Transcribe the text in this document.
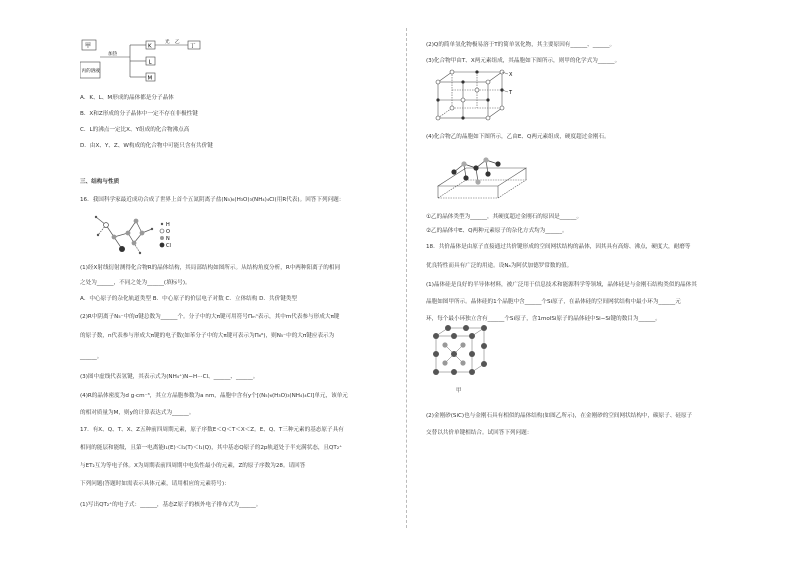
甲
丙的溶液
加热
K
L
M
光 乙
丁
A．K、L、M形成的晶体都是分子晶体
B．X和Z形成的分子晶体中一定不存在非极性键
C．L的沸点一定比X、Y组成的化合物沸点高
D．由X、Y、Z、W构成的化合物中可能只含有共价键
三、结构与性质
16．我国科学家最近成功合成了世界上首个五氮阴离子盐(N₅)₆(H₃O)₃(NH₄)₄Cl(用R代表)。回答下列问题：
H
O
N
Cl
(1)经X射线衍射测得化合物R的晶体结构，其局部结构如图所示。从结构角度分析，R中两种阳离子的相同
之处为______，不同之处为______(填标号)。
A．中心原子的杂化轨道类型 B．中心原子的价层电子对数 C．立体结构 D．共价键类型
(2)R中阴离子N₅⁻中的σ键总数为______个。分子中的大π键可用符号Πₘⁿ表示，其中m代表参与形成大π键
的原子数，n代表参与形成大π键的电子数(如苯分子中的大π键可表示为Π₆⁶)，则N₅⁻中的大π键应表示为
______。
(3)图中虚线代表氢键，其表示式为(NH₄⁺)N−H···Cl、______、______。
(4)R的晶体密度为d g·cm⁻³，其立方晶胞参数为a nm，晶胞中含有y个[(N₅)₆(H₃O)₃(NH₄)₄Cl]单元，该单元
的相对质量为M，则y的计算表达式为______。
17．有X、Q、T、X、Z五种前四周期元素，原子序数E＜Q＜T＜X＜Z。E、Q、T三种元素的基态原子具有
相同的能层和能级，且第一电离能I₁(E)＜I₁(T)＜I₁(Q)，其中基态Q原子的2p轨道处于半充满状态，且QT₂⁺
与ET₂互为等电子体。X为周期表前四周期中电负性最小的元素，Z的原子序数为28。请回答
下列问题(答题时如需表示具体元素，请用相应的元素符号)：
(1)写出QT₂⁺的电子式：______，基态Z原子的核外电子排布式为______。
(2)Q的简单氢化物极易溶于T的简单氢化物，其主要原因有______、______。
(3)化合物甲由T、X两元素组成，其晶胞如下图所示，则甲的化学式为______。
X
T
(4)化合物乙的晶胞如下图所示，乙由E、Q两元素组成，硬度超过金刚石。
①乙的晶体类型为______，其硬度超过金刚石的原因是______。
②乙的晶体中E、Q两种元素原子的杂化方式均为______。
18．共价晶体是由原子直接通过共价键形成的空间网状结构的晶体，因其具有高熔、沸点，硬度大，耐磨等
优良特性而具有广泛的用途。设Nₐ为阿伏加德罗常数的值。
(1)晶体硅是良好的半导体材料，被广泛用于信息技术和能源科学等领域，晶体硅是与金刚石结构类似的晶体其
晶胞如图甲所示。晶体硅的1个晶胞中含______个Si原子，在晶体硅的空间网状结构中最小环为______元
环，每个最小环独立含有______个Si原子，含1molSi原子的晶体硅中Si−Si键的数目为______。
甲
(2)金刚砂(SiC)也与金刚石具有相似的晶体结构(如图乙所示)，在金刚砂的空间网状结构中，碳原子、硅原子
交替以共价单键相结合。试回答下列问题：
